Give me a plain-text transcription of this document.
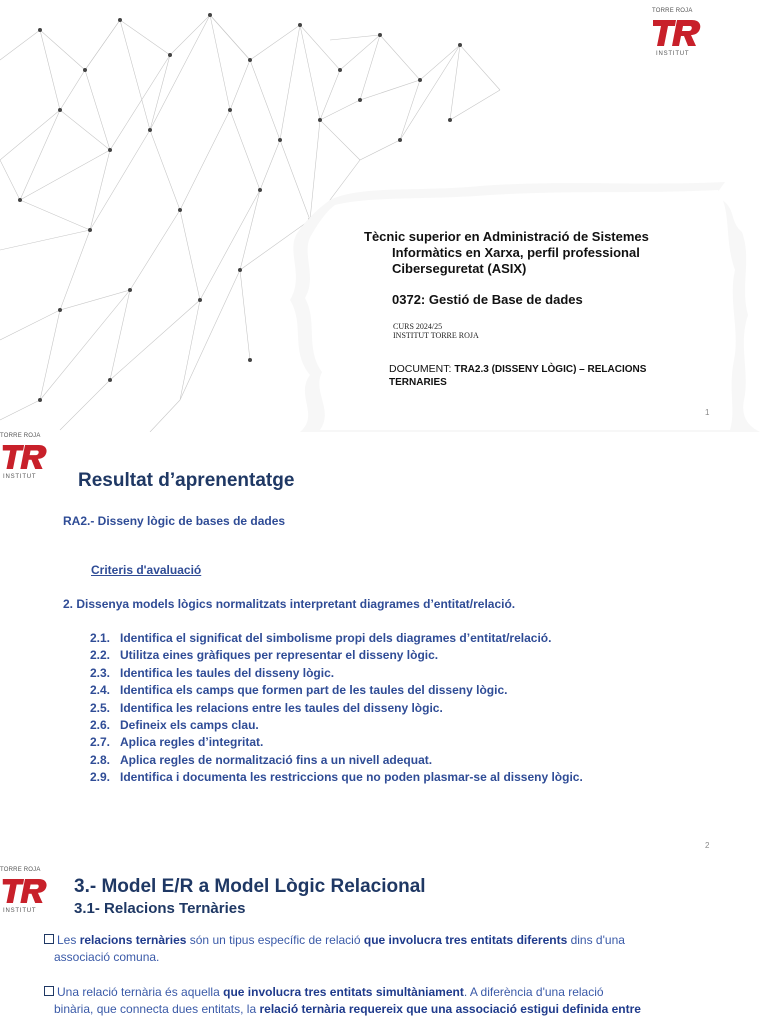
TORRE ROJA
INSTITUT
Tècnic superior en Administració de Sistemes
Informàtics en Xarxa, perfil professional
Ciberseguretat (ASIX)
0372: Gestió de Base de dades
CURS 2024/25
INSTITUT TORRE ROJA
DOCUMENT: TRA2.3 (DISSENY LÒGIC) – RELACIONS TERNARIES
1
TORRE ROJA
INSTITUT Resultat d’aprenentatge
RA2.- Disseny lògic de bases de dades
Criteris d'avaluació
2. Dissenya models lògics normalitzats interpretant diagrames d’entitat/relació.
2.1. Identifica el significat del simbolisme propi dels diagrames d’entitat/relació.
2.2. Utilitza eines gràfiques per representar el disseny lògic.
2.3. Identifica les taules del disseny lògic.
2.4. Identifica els camps que formen part de les taules del disseny lògic.
2.5. Identifica les relacions entre les taules del disseny lògic.
2.6. Defineix els camps clau.
2.7. Aplica regles d’integritat.
2.8. Aplica regles de normalització fins a un nivell adequat.
2.9. Identifica i documenta les restriccions que no poden plasmar-se al disseny lògic.
2
TORRE ROJA
INSTITUT
3.- Model E/R a Model Lògic Relacional
3.1- Relacions Ternàries
Les relacions ternàries són un tipus específic de relació que involucra tres entitats diferents dins d'una
associació comuna.
Una relació ternària és aquella que involucra tres entitats simultàniament. A diferència d'una relació
binària, que connecta dues entitats, la relació ternària requereix que una associació estigui definida entre
